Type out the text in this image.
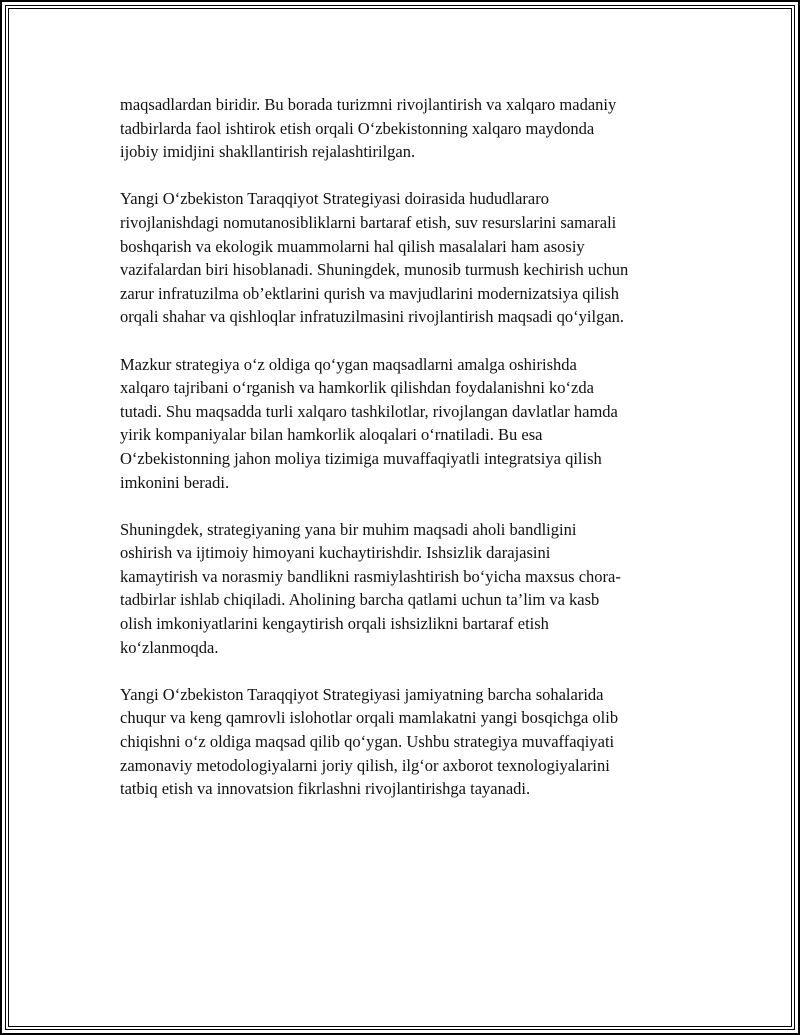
maqsadlardan biridir. Bu borada turizmni rivojlantirish va xalqaro madaniy
tadbirlarda faol ishtirok etish orqali O‘zbekistonning xalqaro maydonda
ijobiy imidjini shakllantirish rejalashtirilgan.

Yangi O‘zbekiston Taraqqiyot Strategiyasi doirasida hududlararo
rivojlanishdagi nomutanosibliklarni bartaraf etish, suv resurslarini samarali
boshqarish va ekologik muammolarni hal qilish masalalari ham asosiy
vazifalardan biri hisoblanadi. Shuningdek, munosib turmush kechirish uchun
zarur infratuzilma ob’ektlarini qurish va mavjudlarini modernizatsiya qilish
orqali shahar va qishloqlar infratuzilmasini rivojlantirish maqsadi qo‘yilgan.

Mazkur strategiya o‘z oldiga qo‘ygan maqsadlarni amalga oshirishda
xalqaro tajribani o‘rganish va hamkorlik qilishdan foydalanishni ko‘zda
tutadi. Shu maqsadda turli xalqaro tashkilotlar, rivojlangan davlatlar hamda
yirik kompaniyalar bilan hamkorlik aloqalari o‘rnatiladi. Bu esa
O‘zbekistonning jahon moliya tizimiga muvaffaqiyatli integratsiya qilish
imkonini beradi.

Shuningdek, strategiyaning yana bir muhim maqsadi aholi bandligini
oshirish va ijtimoiy himoyani kuchaytirishdir. Ishsizlik darajasini
kamaytirish va norasmiy bandlikni rasmiylashtirish bo‘yicha maxsus chora-
tadbirlar ishlab chiqiladi. Aholining barcha qatlami uchun ta’lim va kasb
olish imkoniyatlarini kengaytirish orqali ishsizlikni bartaraf etish
ko‘zlanmoqda.

Yangi O‘zbekiston Taraqqiyot Strategiyasi jamiyatning barcha sohalarida
chuqur va keng qamrovli islohotlar orqali mamlakatni yangi bosqichga olib
chiqishni o‘z oldiga maqsad qilib qo‘ygan. Ushbu strategiya muvaffaqiyati
zamonaviy metodologiyalarni joriy qilish, ilg‘or axborot texnologiyalarini
tatbiq etish va innovatsion fikrlashni rivojlantirishga tayanadi.
